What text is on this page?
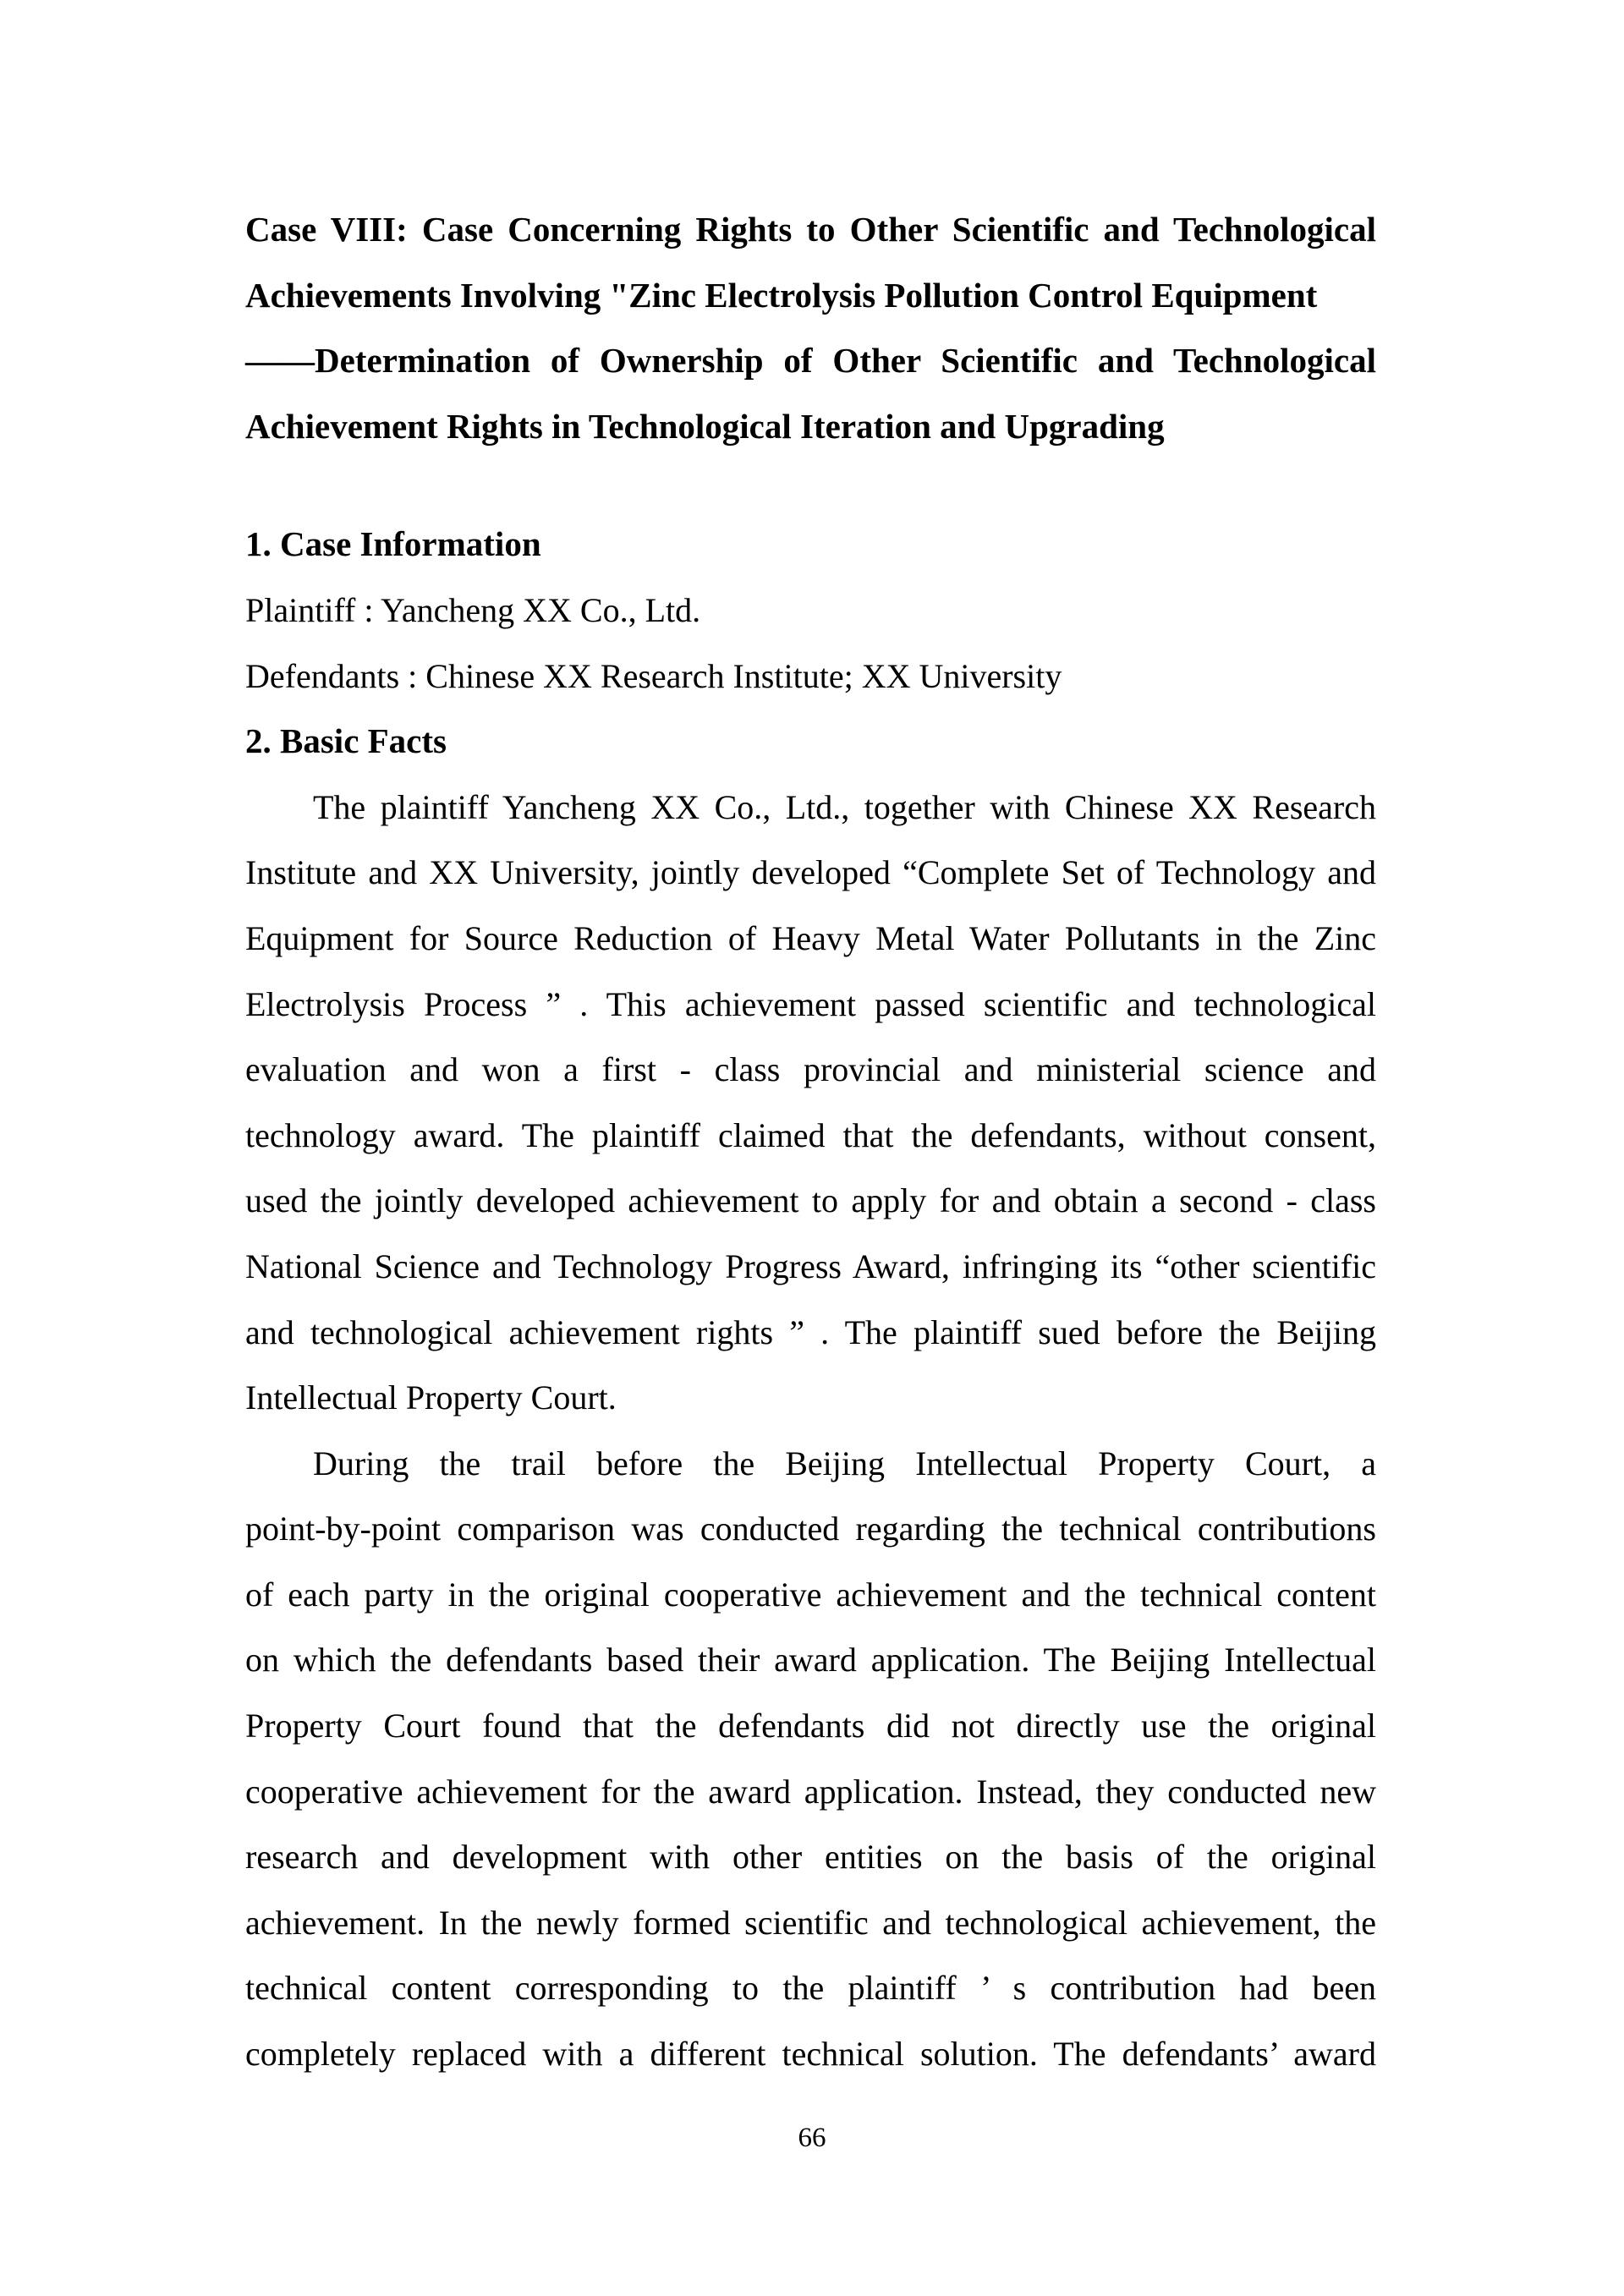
Case VIII: Case Concerning Rights to Other Scientific and Technological
Achievements Involving "Zinc Electrolysis Pollution Control Equipment
——Determination of Ownership of Other Scientific and Technological
Achievement Rights in Technological Iteration and Upgrading
1. Case Information
Plaintiff : Yancheng XX Co., Ltd.
Defendants : Chinese XX Research Institute; XX University
2. Basic Facts
The plaintiff Yancheng XX Co., Ltd., together with Chinese XX Research
Institute and XX University, jointly developed “Complete Set of Technology and
Equipment for Source Reduction of Heavy Metal Water Pollutants in the Zinc
Electrolysis Process ” . This achievement passed scientific and technological
evaluation and won a first - class provincial and ministerial science and
technology award. The plaintiff claimed that the defendants, without consent,
used the jointly developed achievement to apply for and obtain a second - class
National Science and Technology Progress Award, infringing its “other scientific
and technological achievement rights ” . The plaintiff sued before the Beijing
Intellectual Property Court.
During the trail before the Beijing Intellectual Property Court, a
point-by-point comparison was conducted regarding the technical contributions
of each party in the original cooperative achievement and the technical content
on which the defendants based their award application. The Beijing Intellectual
Property Court found that the defendants did not directly use the original
cooperative achievement for the award application. Instead, they conducted new
research and development with other entities on the basis of the original
achievement. In the newly formed scientific and technological achievement, the
technical content corresponding to the plaintiff ’ s contribution had been
completely replaced with a different technical solution. The defendants’ award
66
